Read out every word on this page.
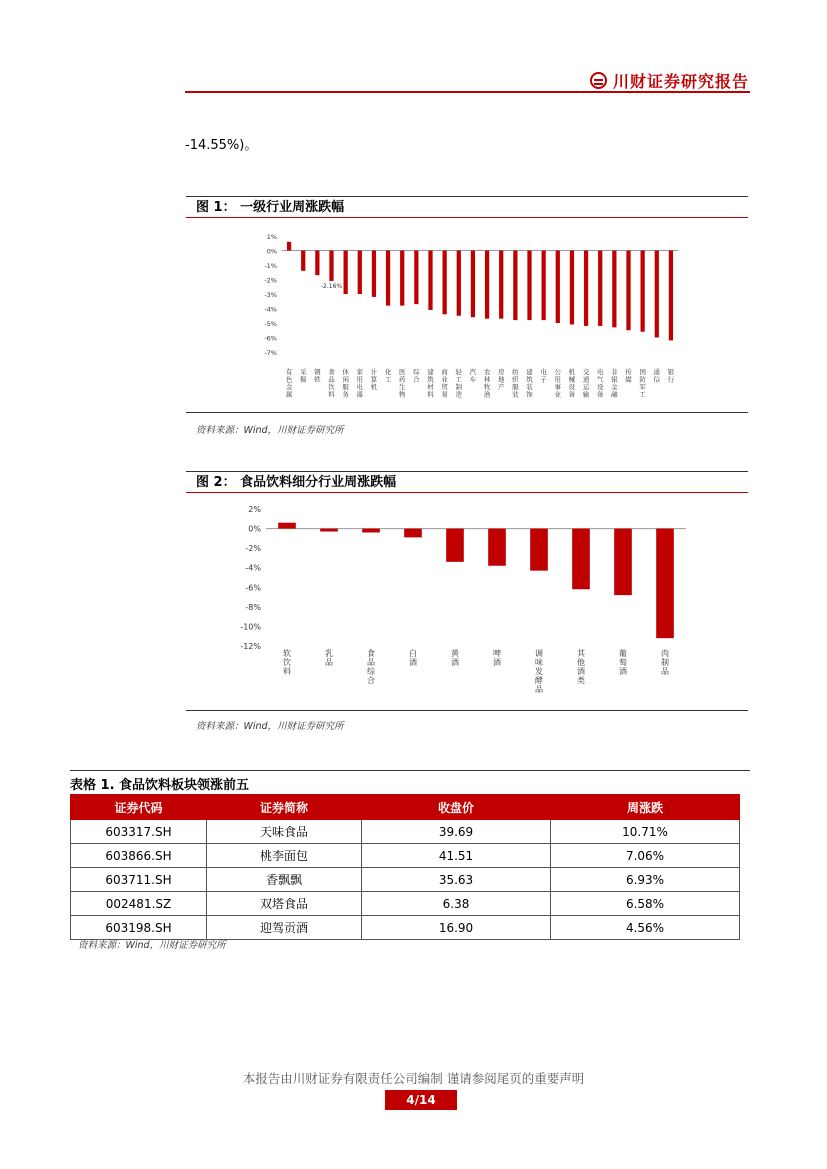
川财证券研究报告
-14.55%)。
图 1： 一级行业周涨跌幅
1%
0%
-1%
-2%
-3%
-4%
-5%
-6%
-7%
有色金属
采掘
钢铁
食品饮料
休闲服务
家用电器
计算机
化工
医药生物
综合
建筑材料
商业贸易
轻工制造
汽车
农林牧渔
房地产
纺织服装
建筑装饰
电子
公用事业
机械设备
交通运输
电气设备
非银金融
传媒
国防军工
通信
银行
-2.16%
资料来源：Wind，川财证券研究所
图 2： 食品饮料细分行业周涨跌幅
2%
0%
-2%
-4%
-6%
-8%
-10%
-12%
软饮料
乳品
食品综合
白酒
黄酒
啤酒
调味发酵品
其他酒类
葡萄酒
肉制品
资料来源：Wind，川财证券研究所
表格 1. 食品饮料板块领涨前五
证券代码	证券简称	收盘价	周涨跌
603317.SH	天味食品	39.69	10.71%
603866.SH	桃李面包	41.51	7.06%
603711.SH	香飘飘	35.63	6.93%
002481.SZ	双塔食品	6.38	6.58%
603198.SH	迎驾贡酒	16.90	4.56%
资料来源：Wind，川财证券研究所
本报告由川财证券有限责任公司编制 谨请参阅尾页的重要声明
4/14
